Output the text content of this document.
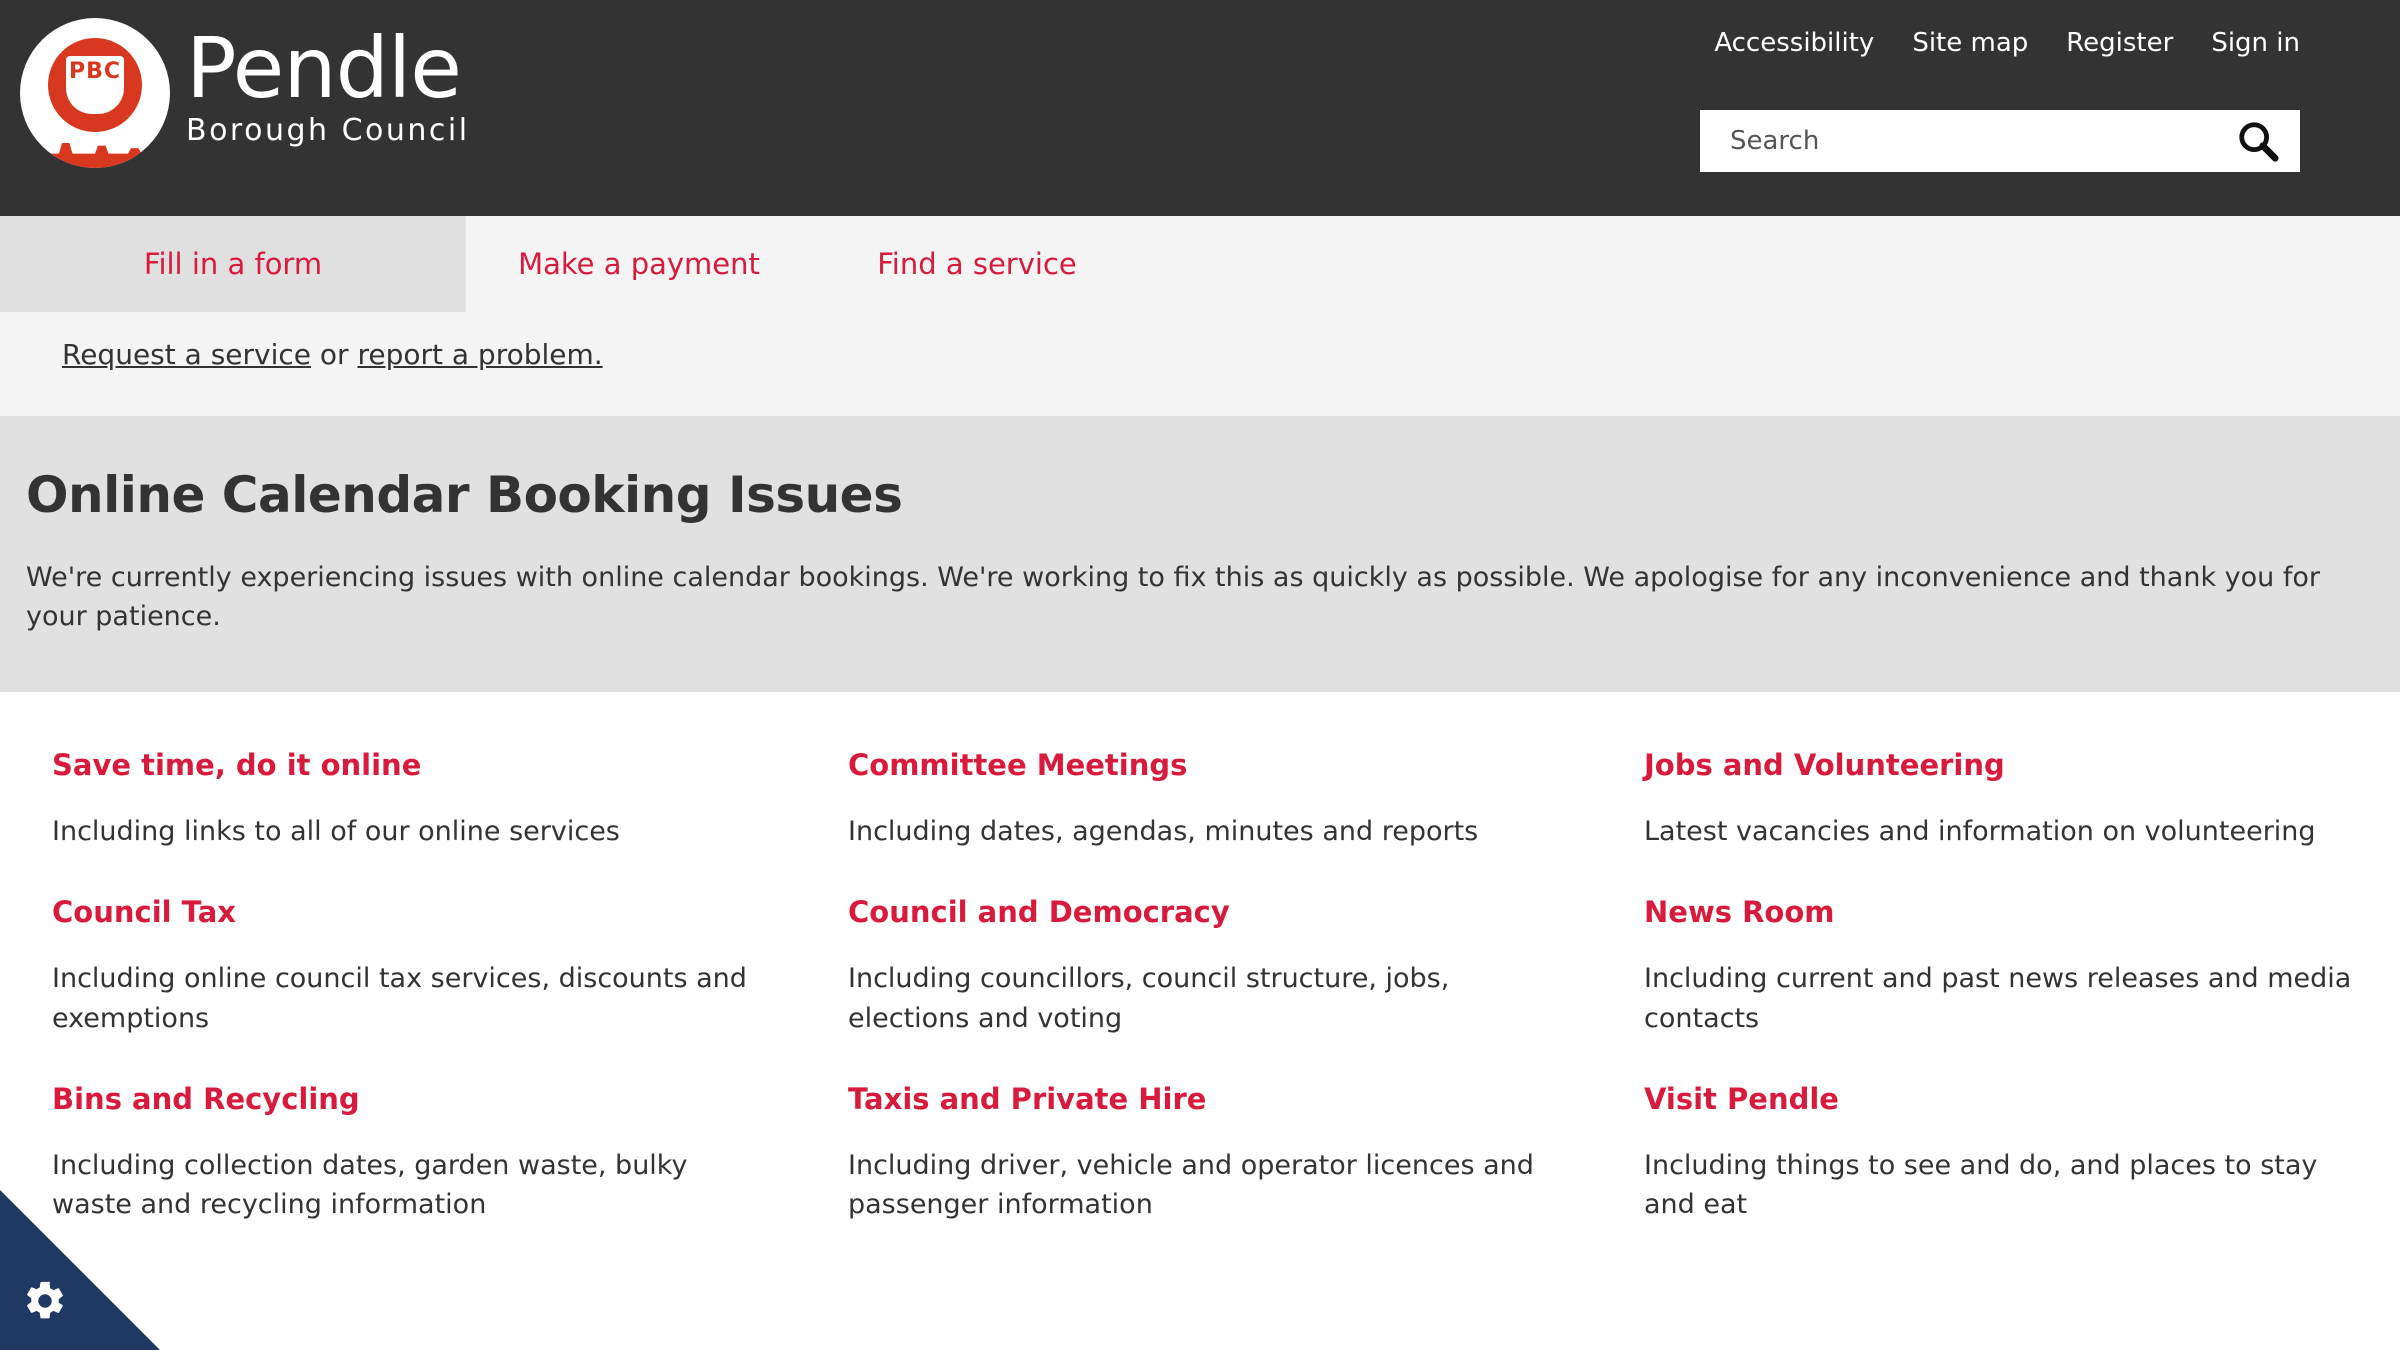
PBC Pendle
Borough Council
Accessibility Site map Register Sign in
Search
Fill in a form	Make a payment	Find a service
Request a service or report a problem.
Online Calendar Booking Issues

We're currently experiencing issues with online calendar bookings. We're working to fix this as quickly as possible. We apologise for any inconvenience and thank you for your patience.

Save time, do it online

Including links to all of our online services

Council Tax

Including online council tax services, discounts and exemptions

Bins and Recycling

Including collection dates, garden waste, bulky waste and recycling information

Committee Meetings

Including dates, agendas, minutes and reports

Council and Democracy

Including councillors, council structure, jobs, elections and voting

Taxis and Private Hire

Including driver, vehicle and operator licences and passenger information

Jobs and Volunteering

Latest vacancies and information on volunteering

News Room

Including current and past news releases and media contacts

Visit Pendle

Including things to see and do, and places to stay and eat
